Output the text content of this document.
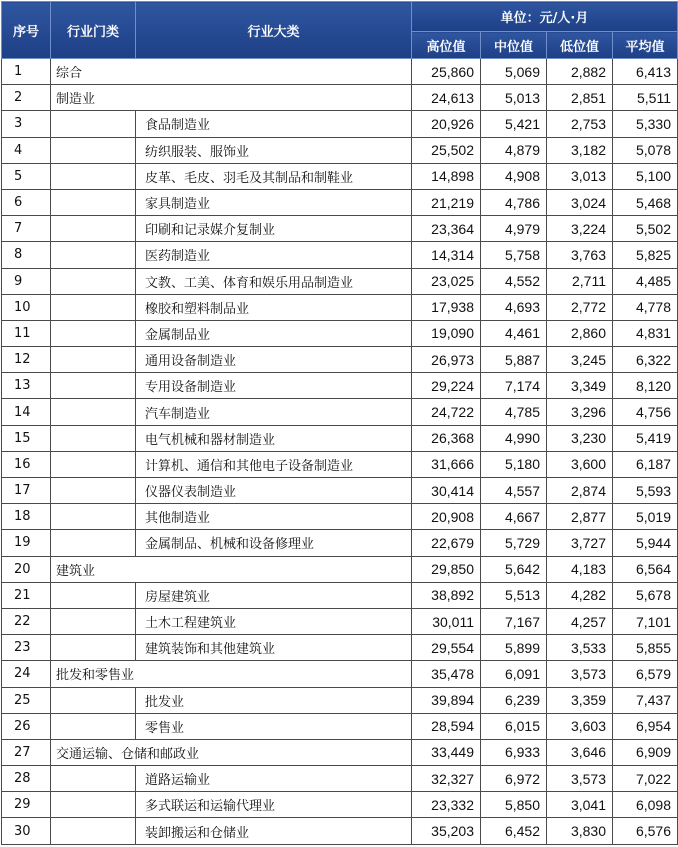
序号	行业门类	行业大类	单位：元/人·月			
			高位值	中位值	低位值	平均值
1	综合		25,860	5,069	2,882	6,413
2	制造业		24,613	5,013	2,851	5,511
3		食品制造业	20,926	5,421	2,753	5,330
4		纺织服装、服饰业	25,502	4,879	3,182	5,078
5		皮革、毛皮、羽毛及其制品和制鞋业	14,898	4,908	3,013	5,100
6		家具制造业	21,219	4,786	3,024	5,468
7		印刷和记录媒介复制业	23,364	4,979	3,224	5,502
8		医药制造业	14,314	5,758	3,763	5,825
9		文教、工美、体育和娱乐用品制造业	23,025	4,552	2,711	4,485
10		橡胶和塑料制品业	17,938	4,693	2,772	4,778
11		金属制品业	19,090	4,461	2,860	4,831
12		通用设备制造业	26,973	5,887	3,245	6,322
13		专用设备制造业	29,224	7,174	3,349	8,120
14		汽车制造业	24,722	4,785	3,296	4,756
15		电气机械和器材制造业	26,368	4,990	3,230	5,419
16		计算机、通信和其他电子设备制造业	31,666	5,180	3,600	6,187
17		仪器仪表制造业	30,414	4,557	2,874	5,593
18		其他制造业	20,908	4,667	2,877	5,019
19		金属制品、机械和设备修理业	22,679	5,729	3,727	5,944
20	建筑业		29,850	5,642	4,183	6,564
21		房屋建筑业	38,892	5,513	4,282	5,678
22		土木工程建筑业	30,011	7,167	4,257	7,101
23		建筑装饰和其他建筑业	29,554	5,899	3,533	5,855
24	批发和零售业		35,478	6,091	3,573	6,579
25		批发业	39,894	6,239	3,359	7,437
26		零售业	28,594	6,015	3,603	6,954
27	交通运输、仓储和邮政业		33,449	6,933	3,646	6,909
28		道路运输业	32,327	6,972	3,573	7,022
29		多式联运和运输代理业	23,332	5,850	3,041	6,098
30		装卸搬运和仓储业	35,203	6,452	3,830	6,576
